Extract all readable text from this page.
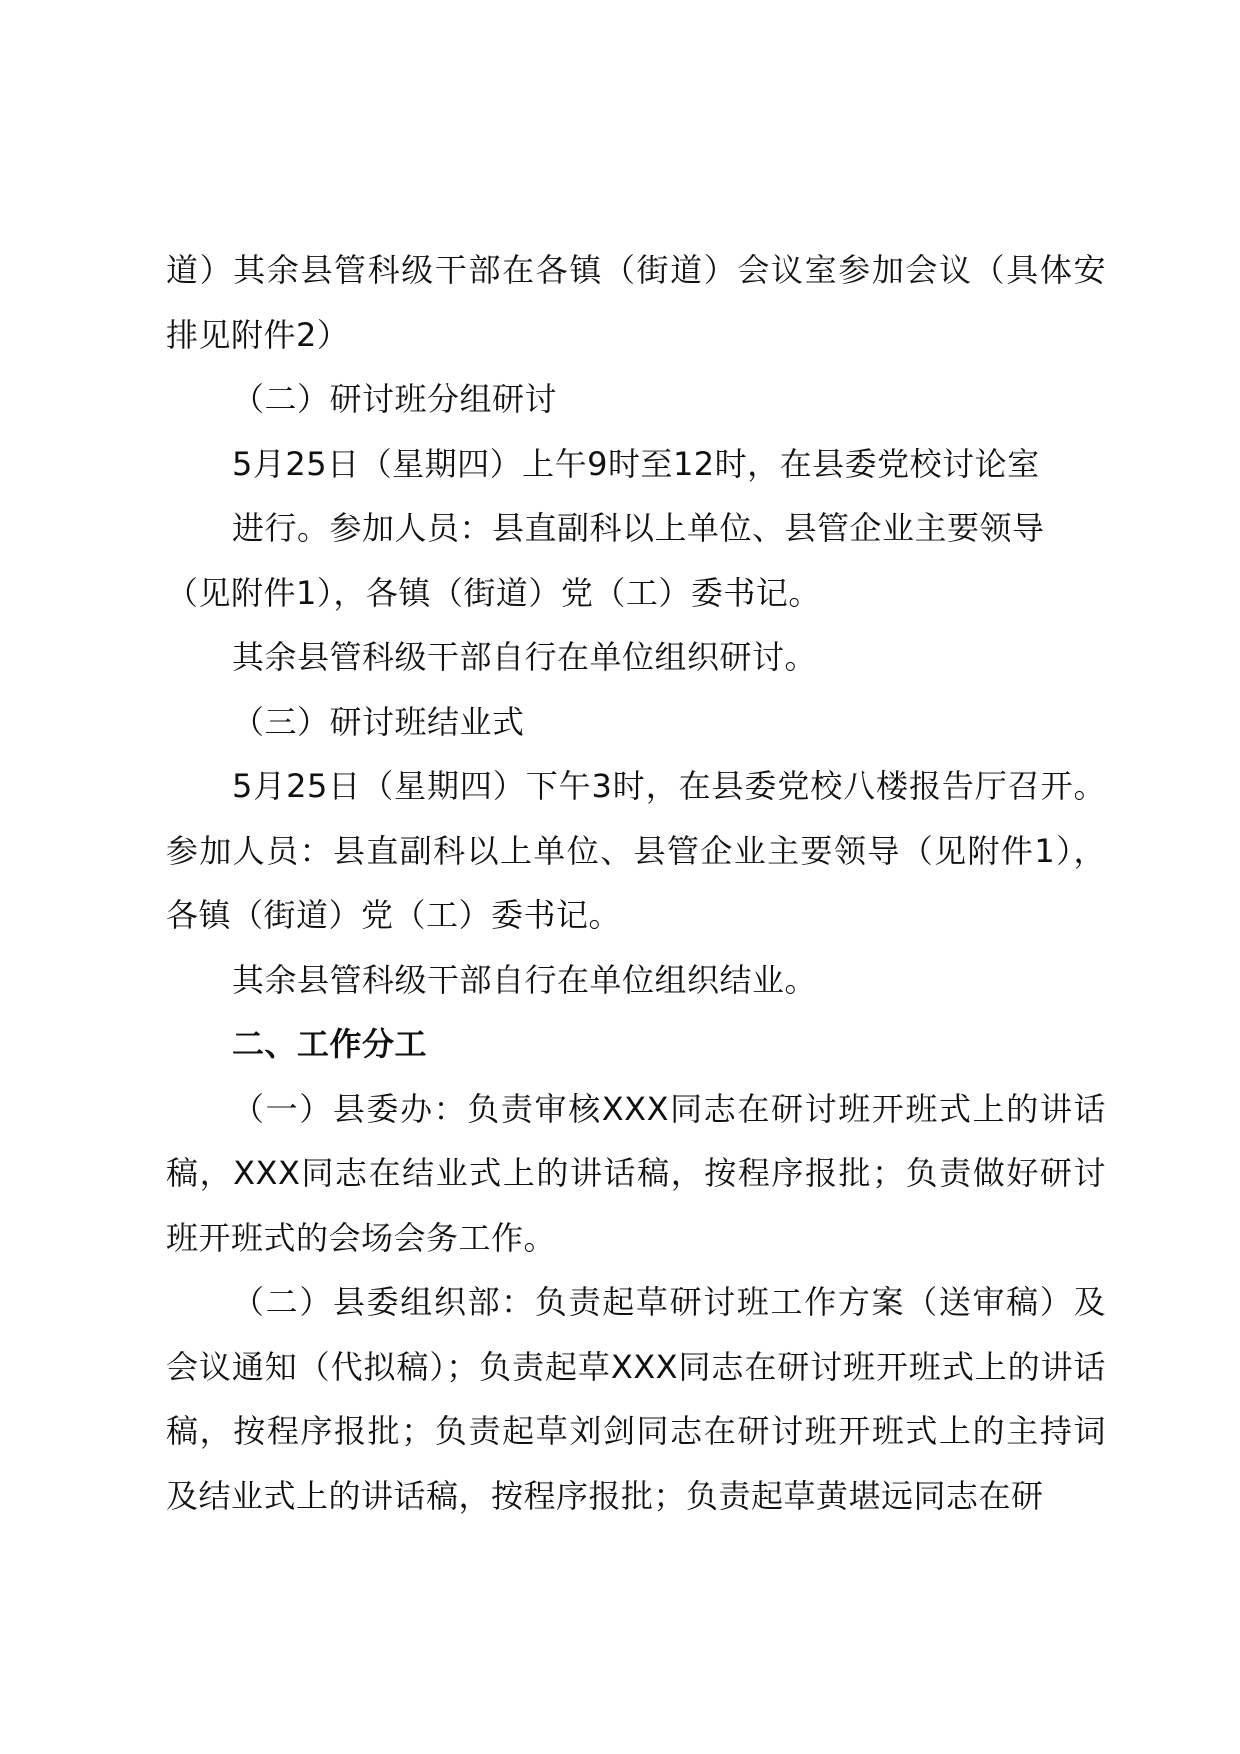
道）其余县管科级干部在各镇（街道）会议室参加会议（具体安排见附件2）

（二）研讨班分组研讨

5月25日（星期四）上午9时至12时，在县委党校讨论室

进行。参加人员：县直副科以上单位、县管企业主要领导

（见附件1），各镇（街道）党（工）委书记。

其余县管科级干部自行在单位组织研讨。

（三）研讨班结业式

5月25日（星期四）下午3时，在县委党校八楼报告厅召开。参加人员：县直副科以上单位、县管企业主要领导（见附件1），各镇（街道）党（工）委书记。

其余县管科级干部自行在单位组织结业。

二、工作分工

（一）县委办：负责审核XXX同志在研讨班开班式上的讲话稿，XXX同志在结业式上的讲话稿，按程序报批；负责做好研讨班开班式的会场会务工作。

（二）县委组织部：负责起草研讨班工作方案（送审稿）及会议通知（代拟稿）；负责起草XXX同志在研讨班开班式上的讲话稿，按程序报批；负责起草刘剑同志在研讨班开班式上的主持词及结业式上的讲话稿，按程序报批；负责起草黄堪远同志在研
